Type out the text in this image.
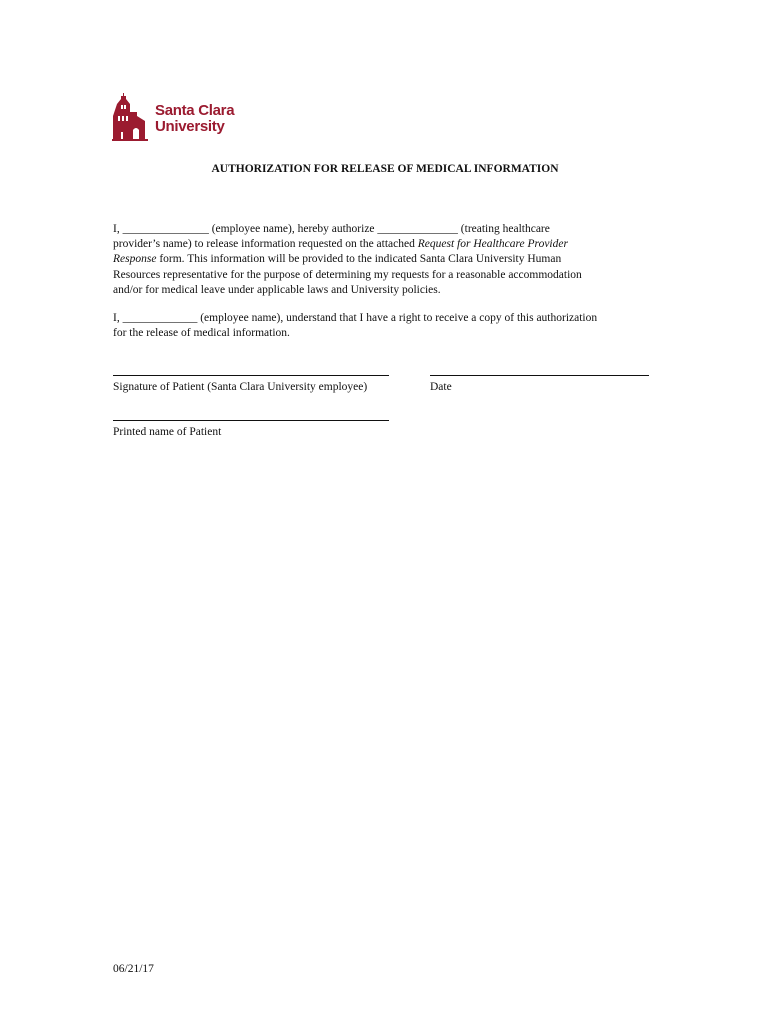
Santa Clara
University
AUTHORIZATION FOR RELEASE OF MEDICAL INFORMATION
I, _______________ (employee name), hereby authorize ______________ (treating healthcare
provider’s name) to release information requested on the attached Request for Healthcare Provider
Response form. This information will be provided to the indicated Santa Clara University Human
Resources representative for the purpose of determining my requests for a reasonable accommodation
and/or for medical leave under applicable laws and University policies.
I, _____________ (employee name), understand that I have a right to receive a copy of this authorization
for the release of medical information.
Signature of Patient (Santa Clara University employee)	Date
Printed name of Patient
06/21/17
